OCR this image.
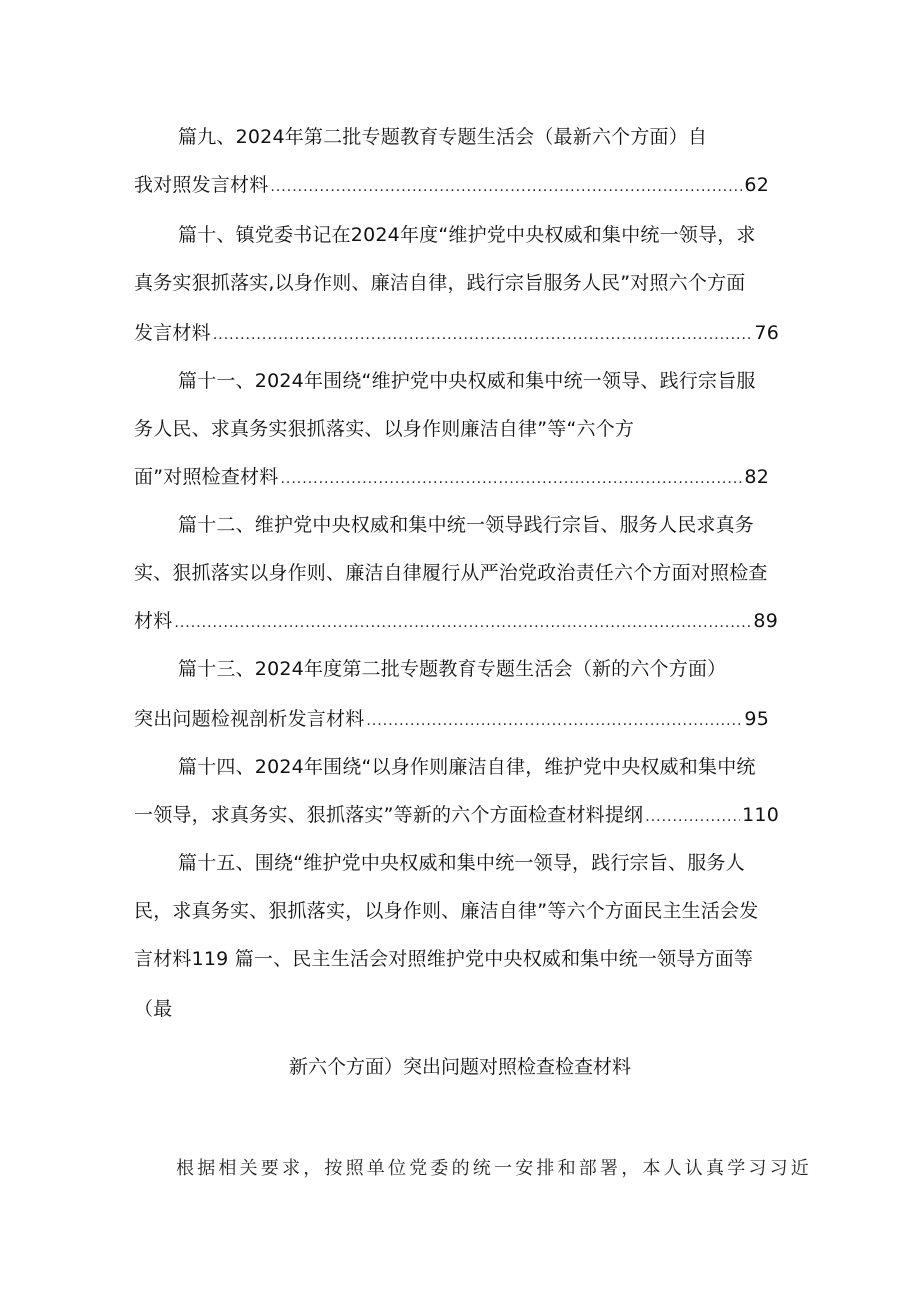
篇九、2024年第二批专题教育专题生活会（最新六个方面）自
我对照发言材料 .....	62
篇十、镇党委书记在2024年度“维护党中央权威和集中统一领导，求
真务实狠抓落实,以身作则、廉洁自律，践行宗旨服务人民”对照六个方面
发言材料 .....	76
篇十一、2024年围绕“维护党中央权威和集中统一领导、践行宗旨服
务人民、求真务实狠抓落实、以身作则廉洁自律”等“六个方
面”对照检查材料 .....	82
篇十二、维护党中央权威和集中统一领导践行宗旨、服务人民求真务
实、狠抓落实以身作则、廉洁自律履行从严治党政治责任六个方面对照检查
材料 .....	89
篇十三、2024年度第二批专题教育专题生活会（新的六个方面）
突出问题检视剖析发言材料 .....	95
篇十四、2024年围绕“以身作则廉洁自律，维护党中央权威和集中统
一领导，求真务实、狠抓落实”等新的六个方面检查材料提纲 .....	110
篇十五、围绕“维护党中央权威和集中统一领导，践行宗旨、服务人
民，求真务实、狠抓落实，以身作则、廉洁自律”等六个方面民主生活会发
言材料119 篇一、民主生活会对照维护党中央权威和集中统一领导方面等
（最
新六个方面）突出问题对照检查检查材料
根据相关要求，按照单位党委的统一安排和部署，本人认真学习习近
